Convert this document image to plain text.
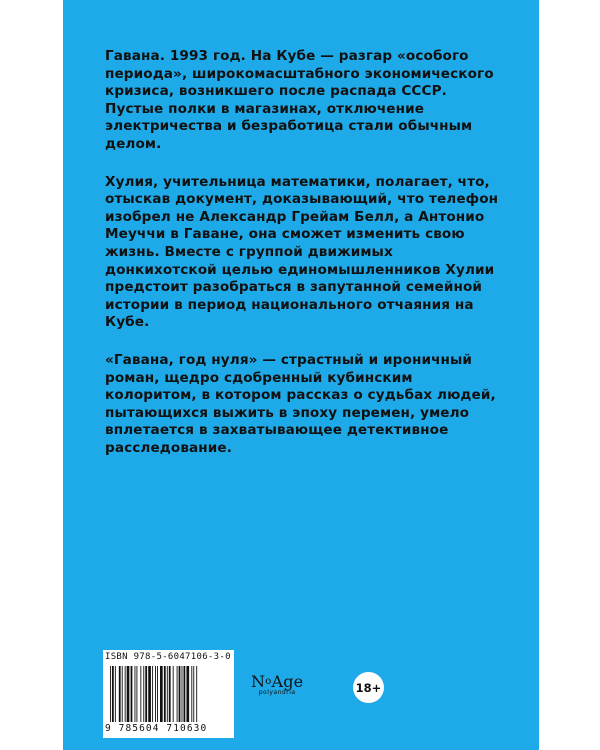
Гавана. 1993 год. На Кубе — разгар «особого периода», широкомасштабного экономического кризиса, возникшего после распада СССР. Пустые полки в магазинах, отключение электричества и безработица стали обычным делом.

Хулия, учительница математики, полагает, что, отыскав документ, доказывающий, что телефон изобрел не Александр Грейам Белл, а Антонио Меуччи в Гаване, она сможет изменить свою жизнь. Вместе с группой движимых донкихотской целью единомышленников Хулии предстоит разобраться в запутанной семейной истории в период национального отчаяния на Кубе.

«Гавана, год нуля» — страстный и ироничный роман, щедро сдобренный кубинским колоритом, в котором рассказ о судьбах людей, пытающихся выжить в эпоху перемен, умело вплетается в захватывающее детективное расследование.

ISBN 978-5-6047106-3-0
9 785604 710630
NoAge
polyandria	18+
